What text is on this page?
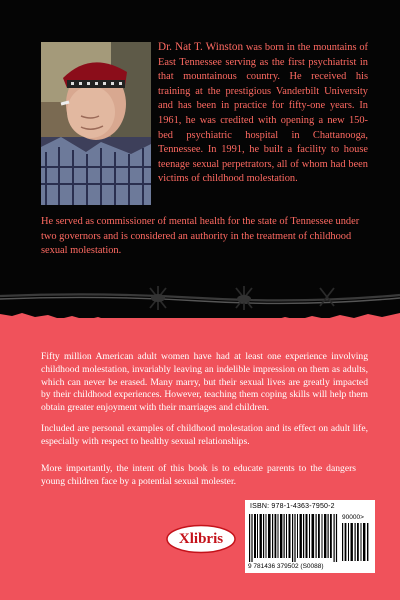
Dr. Nat T. Winston was born in the mountains of East Tennessee serving as the first psychiatrist in that mountainous country. He received his training at the prestigious Vanderbilt University and has been in practice for fifty-one years. In 1961, he was credited with opening a new 150-bed psychiatric hospital in Chattanooga, Tennessee. In 1991, he built a facility to house teenage sexual perpetrators, all of whom had been victims of childhood molestation.

He served as commissioner of mental health for the state of Tennessee under two governors and is considered an authority in the treatment of childhood sexual molestation.

Fifty million American adult women have had at least one experience involving childhood molestation, invariably leaving an indelible impression on them as adults, which can never be erased. Many marry, but their sexual lives are greatly impacted by their childhood experiences. However, teaching them coping skills will help them obtain greater enjoyment with their marriages and children.

Included are personal examples of childhood molestation and its effect on adult life, especially with respect to healthy sexual relationships.

More importantly, the intent of this book is to educate parents to the dangers young children face by a potential sexual molester.

Xlibris
ISBN: 978-1-4363-7950-2
90000>
9 781436 379502 (S0088)
